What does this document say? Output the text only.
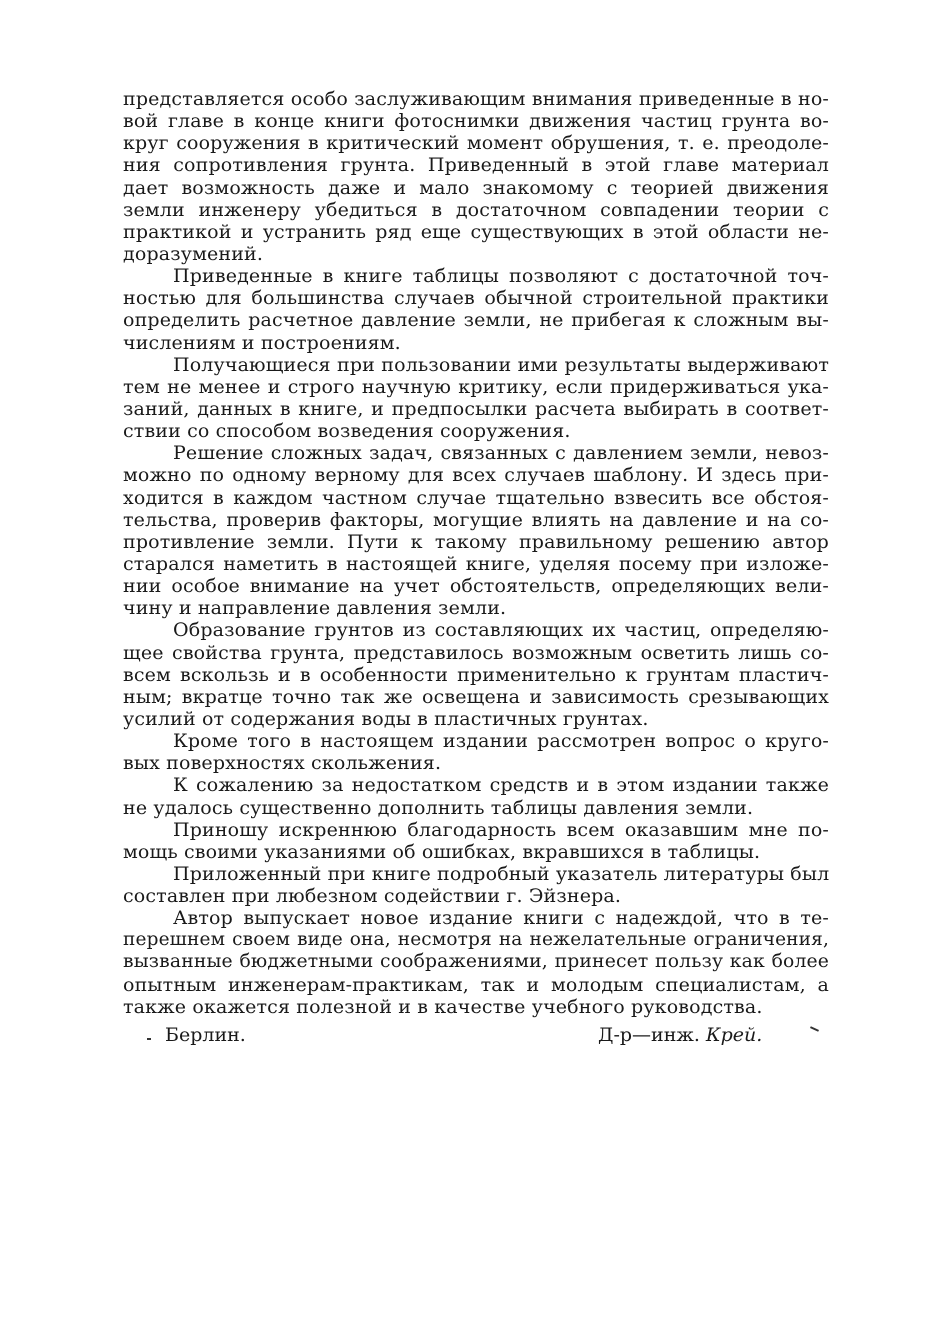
представляется особо заслуживающим внимания приведенные в но-
вой главе в конце книги фотоснимки движения частиц грунта во-
круг сооружения в критический момент обрушения, т. е. преодоле-
ния сопротивления грунта. Приведенный в этой главе материал
дает возможность даже и мало знакомому с теорией движения
земли инженеру убедиться в достаточном совпадении теории с
практикой и устранить ряд еще существующих в этой области не-
доразумений.
Приведенные в книге таблицы позволяют с достаточной точ-
ностью для большинства случаев обычной строительной практики
определить расчетное давление земли, не прибегая к сложным вы-
числениям и построениям.
Получающиеся при пользовании ими результаты выдерживают
тем не менее и строго научную критику, если придерживаться ука-
заний, данных в книге, и предпосылки расчета выбирать в соответ-
ствии со способом возведения сооружения.
Решение сложных задач, связанных с давлением земли, невоз-
можно по одному верному для всех случаев шаблону. И здесь при-
ходится в каждом частном случае тщательно взвесить все обстоя-
тельства, проверив факторы, могущие влиять на давление и на со-
противление земли. Пути к такому правильному решению автор
старался наметить в настоящей книге, уделяя посему при изложе-
нии особое внимание на учет обстоятельств, определяющих вели-
чину и направление давления земли.
Образование грунтов из составляющих их частиц, определяю-
щее свойства грунта, представилось возможным осветить лишь со-
всем вскользь и в особенности применительно к грунтам пластич-
ным; вкратце точно так же освещена и зависимость срезывающих
усилий от содержания воды в пластичных грунтах.
Кроме того в настоящем издании рассмотрен вопрос о круго-
вых поверхностях скольжения.
К сожалению за недостатком средств и в этом издании также
не удалось существенно дополнить таблицы давления земли.
Приношу искреннюю благодарность всем оказавшим мне по-
мощь своими указаниями об ошибках, вкравшихся в таблицы.
Приложенный при книге подробный указатель литературы был
составлен при любезном содействии г. Эйзнера.
Автор выпускает новое издание книги с надеждой, что в те-
перешнем своем виде она, несмотря на нежелательные ограничения,
вызванные бюджетными соображениями, принесет пользу как более
опытным инженерам-практикам, так и молодым специалистам, а
также окажется полезной и в качестве учебного руководства.
Берлин.	Д-р—инж. Крей.
